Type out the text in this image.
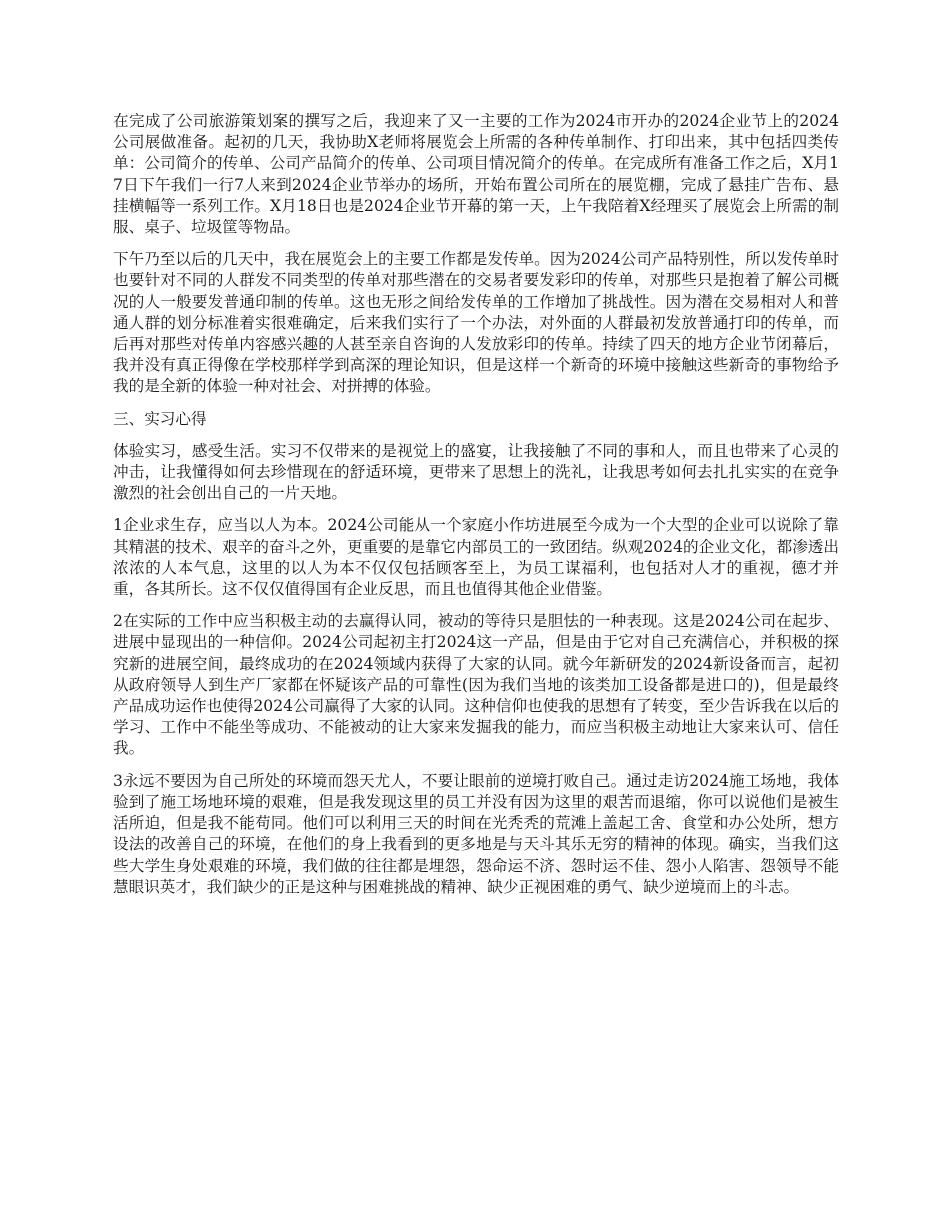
在完成了公司旅游策划案的撰写之后，我迎来了又一主要的工作为2024市开办的2024企业节上的2024公司展做准备。起初的几天，我协助X老师将展览会上所需的各种传单制作、打印出来，其中包括四类传单：公司简介的传单、公司产品简介的传单、公司项目情况简介的传单。在完成所有准备工作之后，X月17日下午我们一行7人来到2024企业节举办的场所，开始布置公司所在的展览棚，完成了悬挂广告布、悬挂横幅等一系列工作。X月18日也是2024企业节开幕的第一天，上午我陪着X经理买了展览会上所需的制服、桌子、垃圾筐等物品。

下午乃至以后的几天中，我在展览会上的主要工作都是发传单。因为2024公司产品特别性，所以发传单时也要针对不同的人群发不同类型的传单对那些潜在的交易者要发彩印的传单，对那些只是抱着了解公司概况的人一般要发普通印制的传单。这也无形之间给发传单的工作增加了挑战性。因为潜在交易相对人和普通人群的划分标准着实很难确定，后来我们实行了一个办法，对外面的人群最初发放普通打印的传单，而后再对那些对传单内容感兴趣的人甚至亲自咨询的人发放彩印的传单。持续了四天的地方企业节闭幕后，我并没有真正得像在学校那样学到高深的理论知识，但是这样一个新奇的环境中接触这些新奇的事物给予我的是全新的体验一种对社会、对拼搏的体验。

三、实习心得

体验实习，感受生活。实习不仅带来的是视觉上的盛宴，让我接触了不同的事和人，而且也带来了心灵的冲击，让我懂得如何去珍惜现在的舒适环境，更带来了思想上的洗礼，让我思考如何去扎扎实实的在竞争激烈的社会创出自己的一片天地。

1企业求生存，应当以人为本。2024公司能从一个家庭小作坊进展至今成为一个大型的企业可以说除了靠其精湛的技术、艰辛的奋斗之外，更重要的是靠它内部员工的一致团结。纵观2024的企业文化，都渗透出浓浓的人本气息，这里的以人为本不仅仅包括顾客至上，为员工谋福利，也包括对人才的重视，德才并重，各其所长。这不仅仅值得国有企业反思，而且也值得其他企业借鉴。

2在实际的工作中应当积极主动的去赢得认同，被动的等待只是胆怯的一种表现。这是2024公司在起步、进展中显现出的一种信仰。2024公司起初主打2024这一产品，但是由于它对自己充满信心，并积极的探究新的进展空间，最终成功的在2024领域内获得了大家的认同。就今年新研发的2024新设备而言，起初从政府领导人到生产厂家都在怀疑该产品的可靠性(因为我们当地的该类加工设备都是进口的)，但是最终产品成功运作也使得2024公司赢得了大家的认同。这种信仰也使我的思想有了转变，至少告诉我在以后的学习、工作中不能坐等成功、不能被动的让大家来发掘我的能力，而应当积极主动地让大家来认可、信任我。

3永远不要因为自己所处的环境而怨天尤人，不要让眼前的逆境打败自己。通过走访2024施工场地，我体验到了施工场地环境的艰难，但是我发现这里的员工并没有因为这里的艰苦而退缩，你可以说他们是被生活所迫，但是我不能苟同。他们可以利用三天的时间在光秃秃的荒滩上盖起工舍、食堂和办公处所，想方设法的改善自己的环境，在他们的身上我看到的更多地是与天斗其乐无穷的精神的体现。确实，当我们这些大学生身处艰难的环境，我们做的往往都是埋怨，怨命运不济、怨时运不佳、怨小人陷害、怨领导不能慧眼识英才，我们缺少的正是这种与困难挑战的精神、缺少正视困难的勇气、缺少逆境而上的斗志。
